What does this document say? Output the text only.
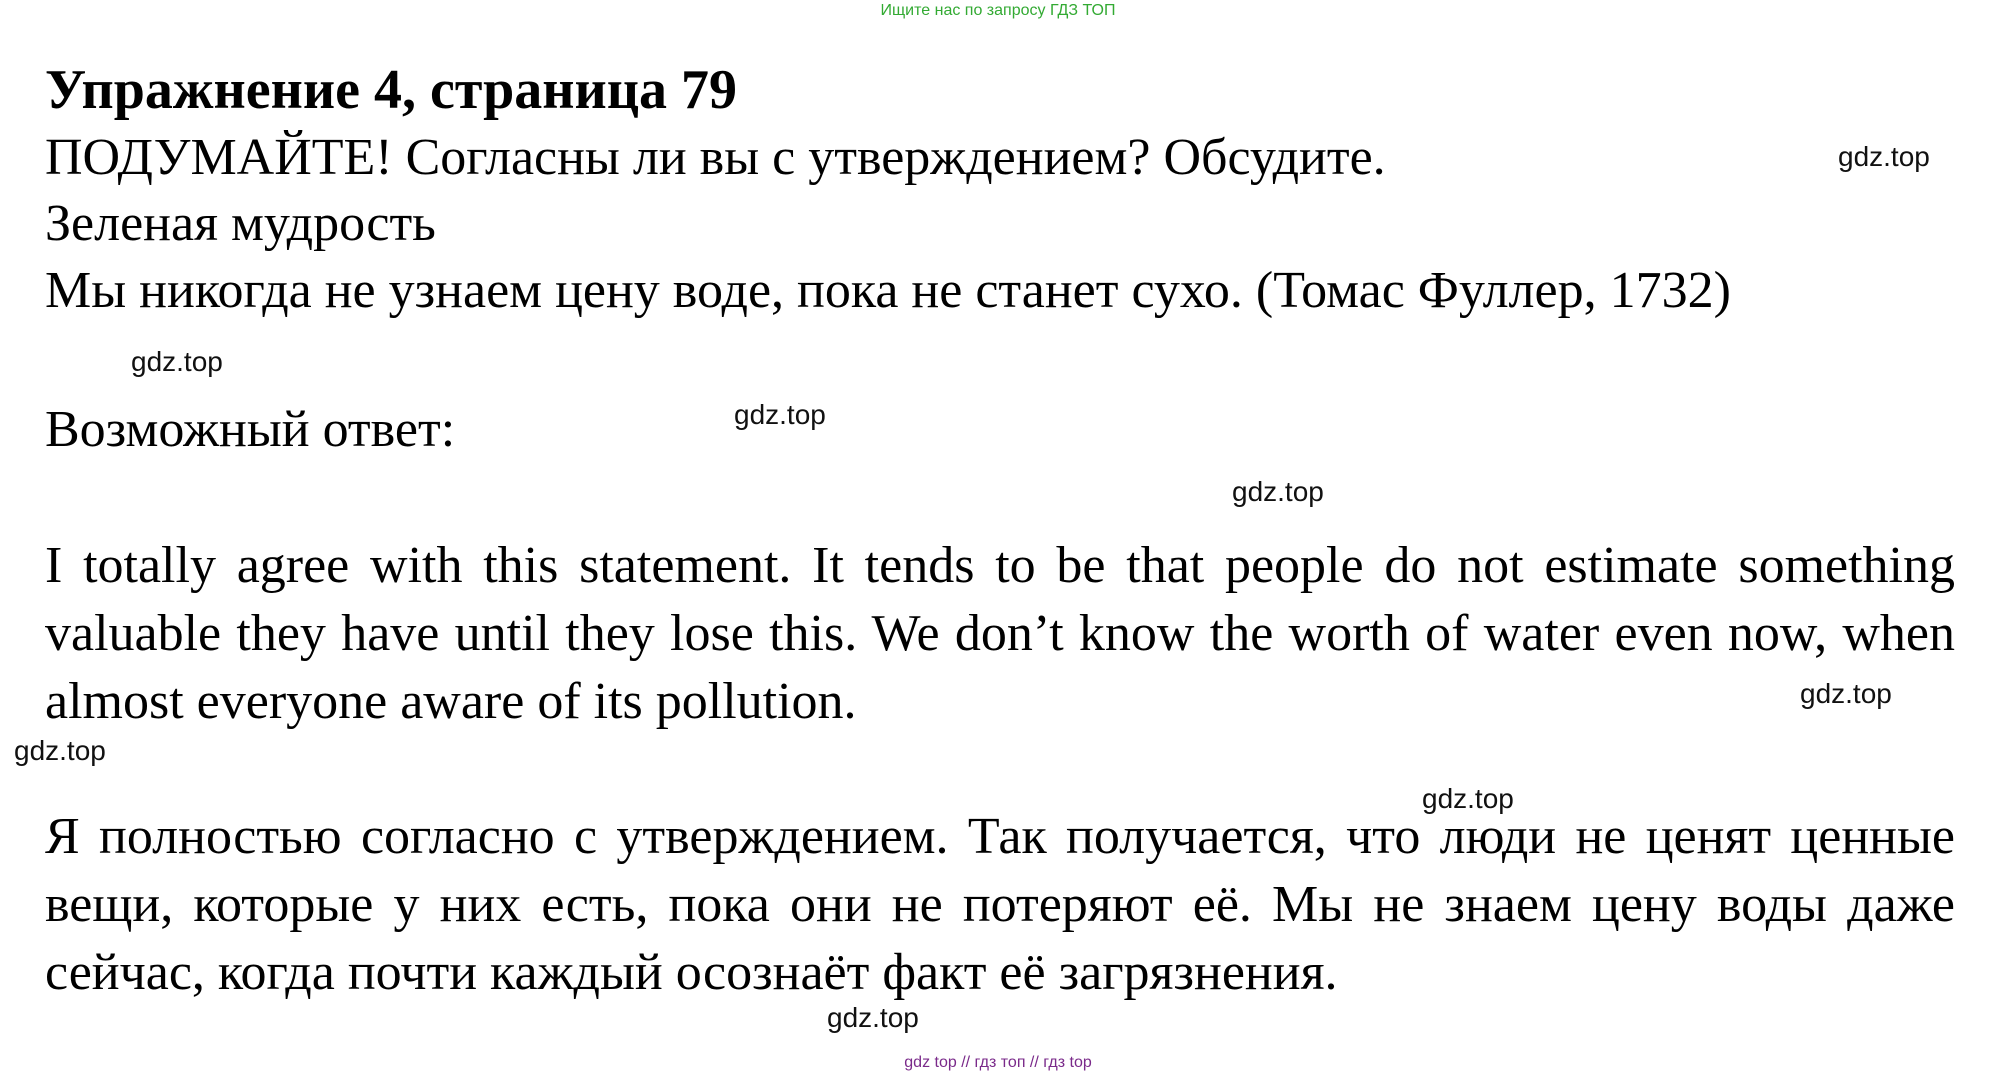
Ищите нас по запросу ГДЗ ТОП
Упражнение 4, страница 79
ПОДУМАЙТЕ! Согласны ли вы с утверждением? Обсудите.
Зеленая мудрость
Мы никогда не узнаем цену воде, пока не станет сухо. (Томас Фуллер, 1732)
Возможный ответ:
I totally agree with this statement. It tends to be that people do not estimate something valuable they have until they lose this. We don’t know the worth of water even now, when almost everyone aware of its pollution.
Я полностью согласно с утверждением. Так получается, что люди не ценят ценные вещи, которые у них есть, пока они не потеряют её. Мы не знаем цену воды даже сейчас, когда почти каждый осознаёт факт её загрязнения.
gdz.top
gdz.top
gdz.top
gdz.top
gdz.top
gdz.top
gdz.top
gdz.top
gdz top // гдз топ // гдз top
